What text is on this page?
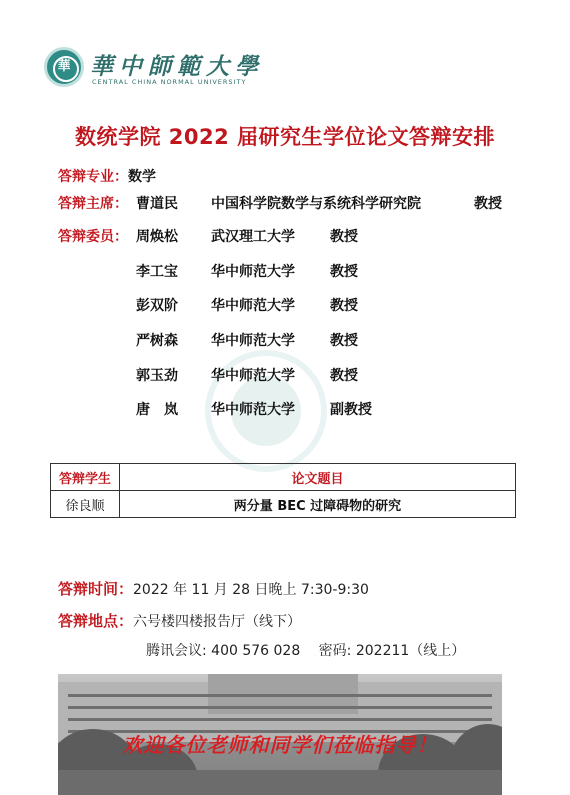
華 華中師範大學
CENTRAL CHINA NORMAL UNIVERSITY
数统学院 2022 届研究生学位论文答辩安排
答辩专业：数学
答辩主席： 曹道民 中国科学院数学与系统科学研究院	教授
答辩委员： 周焕松 武汉理工大学	教授
李工宝 华中师范大学	教授
彭双阶 华中师范大学	教授
严树森 华中师范大学	教授
郭玉劲 华中师范大学	教授
唐　岚 华中师范大学	副教授
答辩学生	论文题目
徐良顺	两分量 BEC 过障碍物的研究
答辩时间：2022 年 11 月 28 日晚上 7:30-9:30
答辩地点：六号楼四楼报告厅（线下）
腾讯会议: 400 576 028　 密码: 202211（线上）
欢迎各位老师和同学们莅临指导！
